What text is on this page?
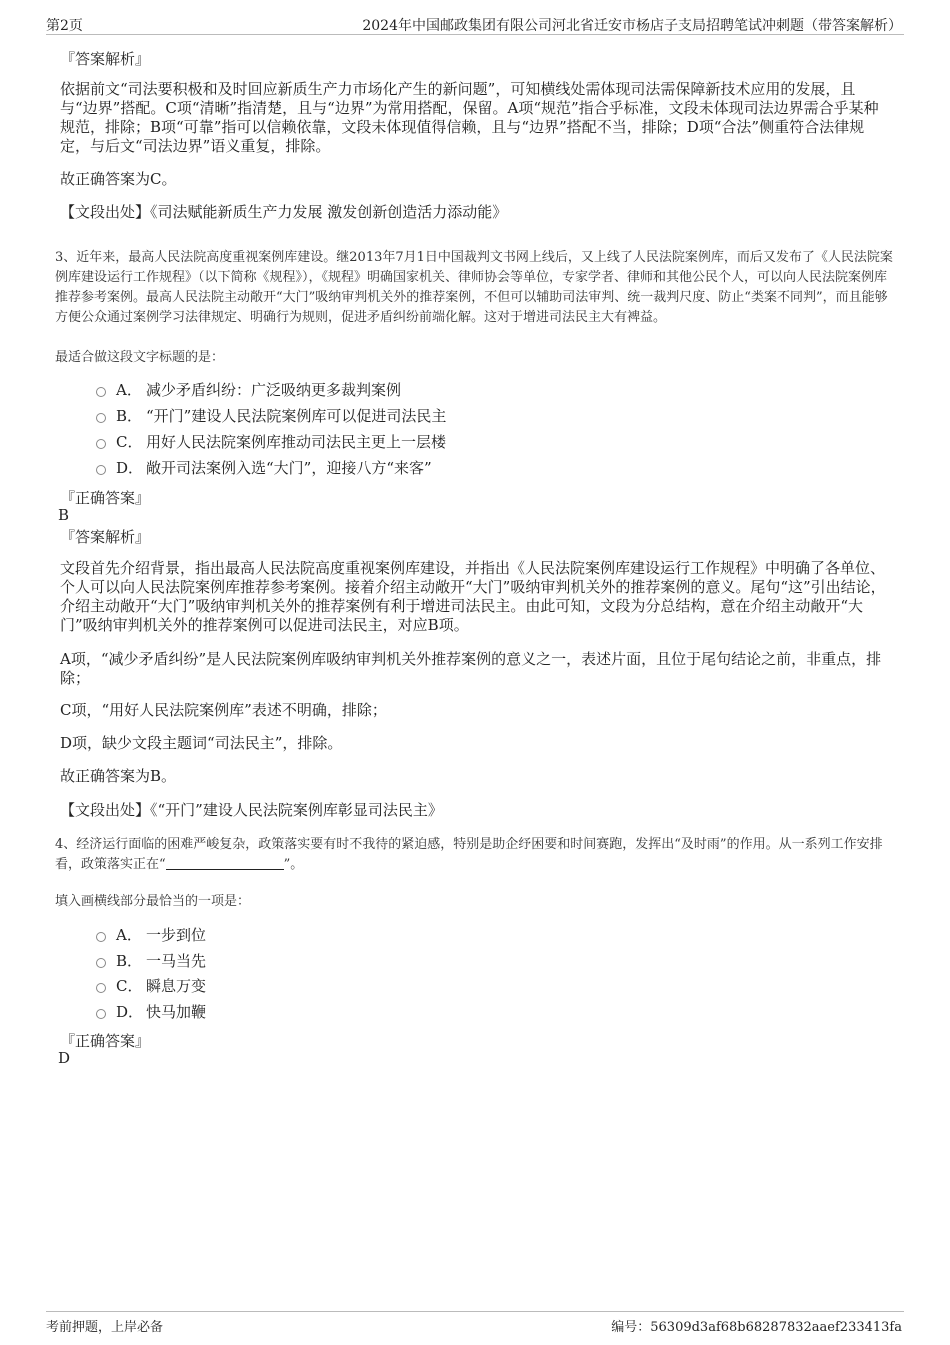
第2页	2024年中国邮政集团有限公司河北省迁安市杨店子支局招聘笔试冲刺题（带答案解析）
『答案解析』
依据前文“司法要积极和及时回应新质生产力市场化产生的新问题”，可知横线处需体现司法需保障新技术应用的发展，且与“边界”搭配。C项“清晰”指清楚，且与“边界”为常用搭配，保留。A项“规范”指合乎标准，文段未体现司法边界需合乎某种规范，排除；B项“可靠”指可以信赖依靠，文段未体现值得信赖，且与“边界”搭配不当，排除；D项“合法”侧重符合法律规定，与后文“司法边界”语义重复，排除。
故正确答案为C。
【文段出处】《司法赋能新质生产力发展 激发创新创造活力添动能》
3、近年来，最高人民法院高度重视案例库建设。继2013年7月1日中国裁判文书网上线后，又上线了人民法院案例库，而后又发布了《人民法院案例库建设运行工作规程》（以下简称《规程》），《规程》明确国家机关、律师协会等单位，专家学者、律师和其他公民个人，可以向人民法院案例库推荐参考案例。最高人民法院主动敞开“大门”吸纳审判机关外的推荐案例，不但可以辅助司法审判、统一裁判尺度、防止“类案不同判”，而且能够方便公众通过案例学习法律规定、明确行为规则，促进矛盾纠纷前端化解。这对于增进司法民主大有裨益。
最适合做这段文字标题的是：
A． 减少矛盾纠纷：广泛吸纳更多裁判案例
B． “开门”建设人民法院案例库可以促进司法民主
C． 用好人民法院案例库推动司法民主更上一层楼
D． 敞开司法案例入选“大门”，迎接八方“来客”
『正确答案』
B
『答案解析』
文段首先介绍背景，指出最高人民法院高度重视案例库建设，并指出《人民法院案例库建设运行工作规程》中明确了各单位、个人可以向人民法院案例库推荐参考案例。接着介绍主动敞开“大门”吸纳审判机关外的推荐案例的意义。尾句“这”引出结论，介绍主动敞开“大门”吸纳审判机关外的推荐案例有利于增进司法民主。由此可知，文段为分总结构，意在介绍主动敞开“大门”吸纳审判机关外的推荐案例可以促进司法民主，对应B项。
A项，“减少矛盾纠纷”是人民法院案例库吸纳审判机关外推荐案例的意义之一，表述片面，且位于尾句结论之前，非重点，排除；
C项，“用好人民法院案例库”表述不明确，排除；
D项，缺少文段主题词“司法民主”，排除。
故正确答案为B。
【文段出处】《“开门”建设人民法院案例库彰显司法民主》
4、经济运行面临的困难严峻复杂，政策落实要有时不我待的紧迫感，特别是助企纾困要和时间赛跑，发挥出“及时雨”的作用。从一系列工作安排看，政策落实正在“	”。
填入画横线部分最恰当的一项是：
A． 一步到位
B． 一马当先
C． 瞬息万变
D． 快马加鞭
『正确答案』
D
考前押题，上岸必备	编号：56309d3af68b68287832aaef233413fa
